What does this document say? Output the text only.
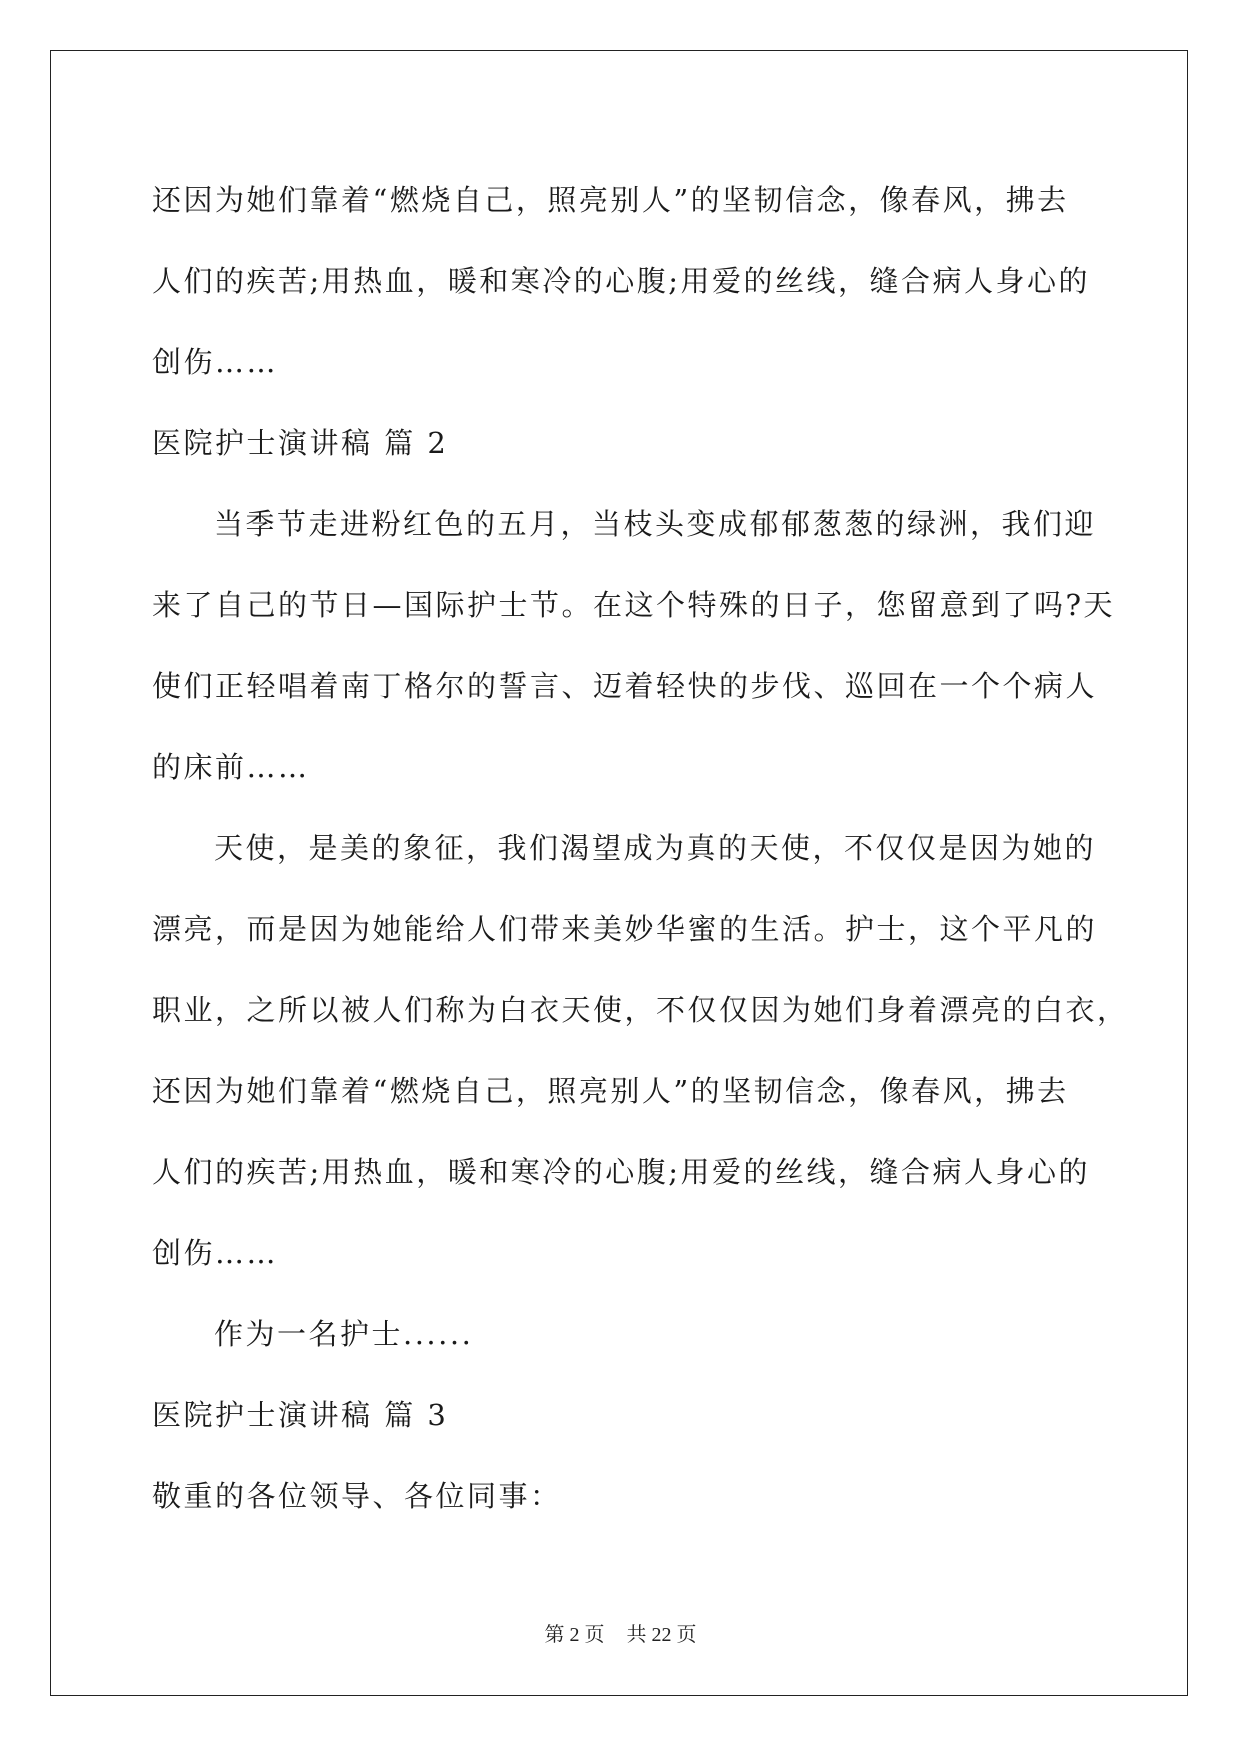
还因为她们靠着“燃烧自己，照亮别人”的坚韧信念，像春风，拂去
人们的疾苦;用热血，暖和寒冷的心腹;用爱的丝线，缝合病人身心的
创伤……
医院护士演讲稿 篇 2
当季节走进粉红色的五月，当枝头变成郁郁葱葱的绿洲，我们迎
来了自己的节日—国际护士节。在这个特殊的日子，您留意到了吗?天
使们正轻唱着南丁格尔的誓言、迈着轻快的步伐、巡回在一个个病人
的床前……
天使，是美的象征，我们渴望成为真的天使，不仅仅是因为她的
漂亮，而是因为她能给人们带来美妙华蜜的生活。护士，这个平凡的
职业，之所以被人们称为白衣天使，不仅仅因为她们身着漂亮的白衣，
还因为她们靠着“燃烧自己，照亮别人”的坚韧信念，像春风，拂去
人们的疾苦;用热血，暖和寒冷的心腹;用爱的丝线，缝合病人身心的
创伤……
作为一名护士......
医院护士演讲稿 篇 3
敬重的各位领导、各位同事：
第 2 页 共 22 页
